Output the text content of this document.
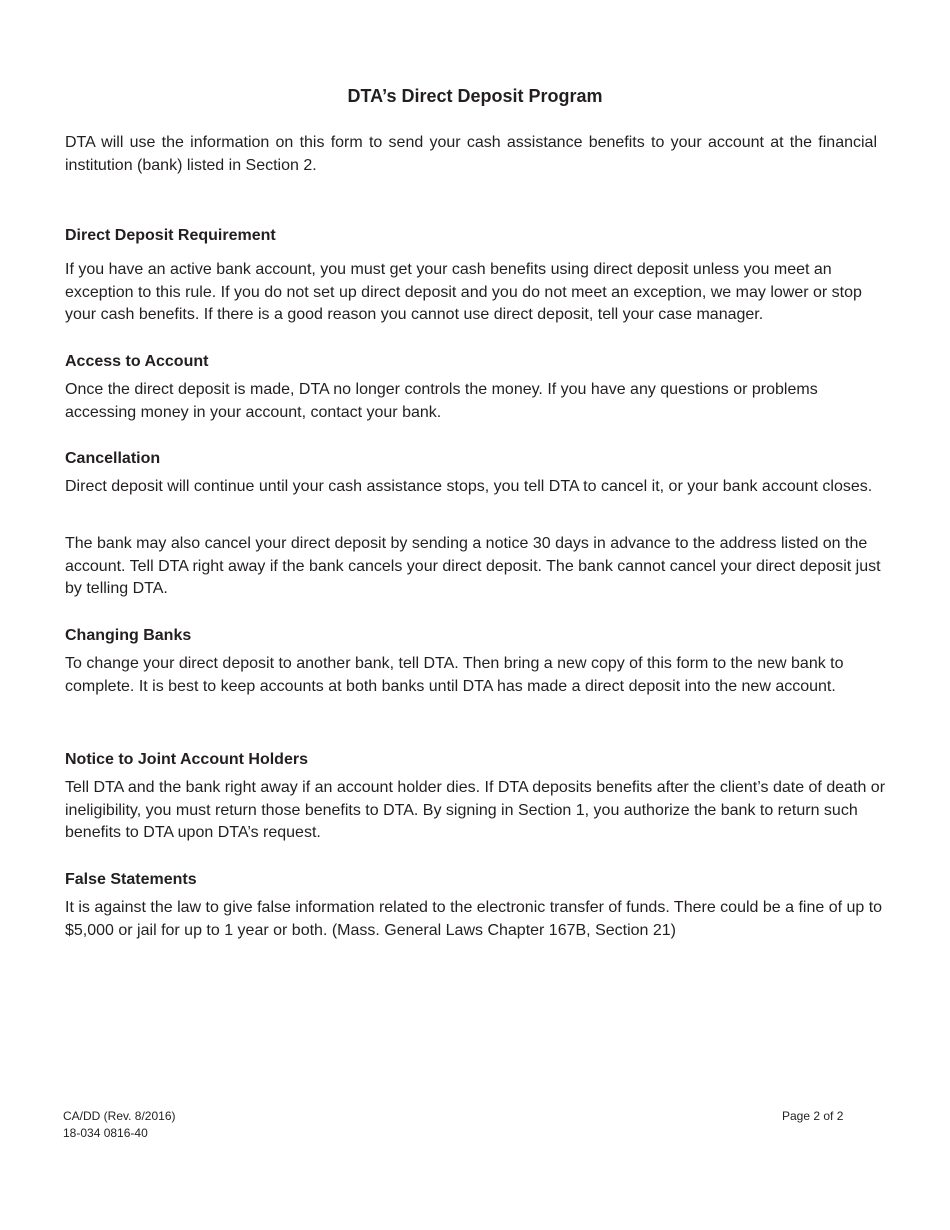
DTA’s Direct Deposit Program

DTA will use the information on this form to send your cash assistance benefits to your account at the financial institution (bank) listed in Section 2.

Direct Deposit Requirement

If you have an active bank account, you must get your cash benefits using direct deposit unless you meet an exception to this rule. If you do not set up direct deposit and you do not meet an exception, we may lower or stop your cash benefits. If there is a good reason you cannot use direct deposit, tell your case manager.

Access to Account

Once the direct deposit is made, DTA no longer controls the money. If you have any questions or problems accessing money in your account, contact your bank.

Cancellation

Direct deposit will continue until your cash assistance stops, you tell DTA to cancel it, or your bank account closes.

The bank may also cancel your direct deposit by sending a notice 30 days in advance to the address listed on the account. Tell DTA right away if the bank cancels your direct deposit. The bank cannot cancel your direct deposit just by telling DTA.

Changing Banks

To change your direct deposit to another bank, tell DTA. Then bring a new copy of this form to the new bank to complete. It is best to keep accounts at both banks until DTA has made a direct deposit into the new account.

Notice to Joint Account Holders

Tell DTA and the bank right away if an account holder dies. If DTA deposits benefits after the client’s date of death or ineligibility, you must return those benefits to DTA. By signing in Section 1, you authorize the bank to return such benefits to DTA upon DTA’s request.

False Statements

It is against the law to give false information related to the electronic transfer of funds. There could be a fine of up to $5,000 or jail for up to 1 year or both. (Mass. General Laws Chapter 167B, Section 21)

CA/DD (Rev. 8/2016)
18-034 0816-40
Page 2 of 2
